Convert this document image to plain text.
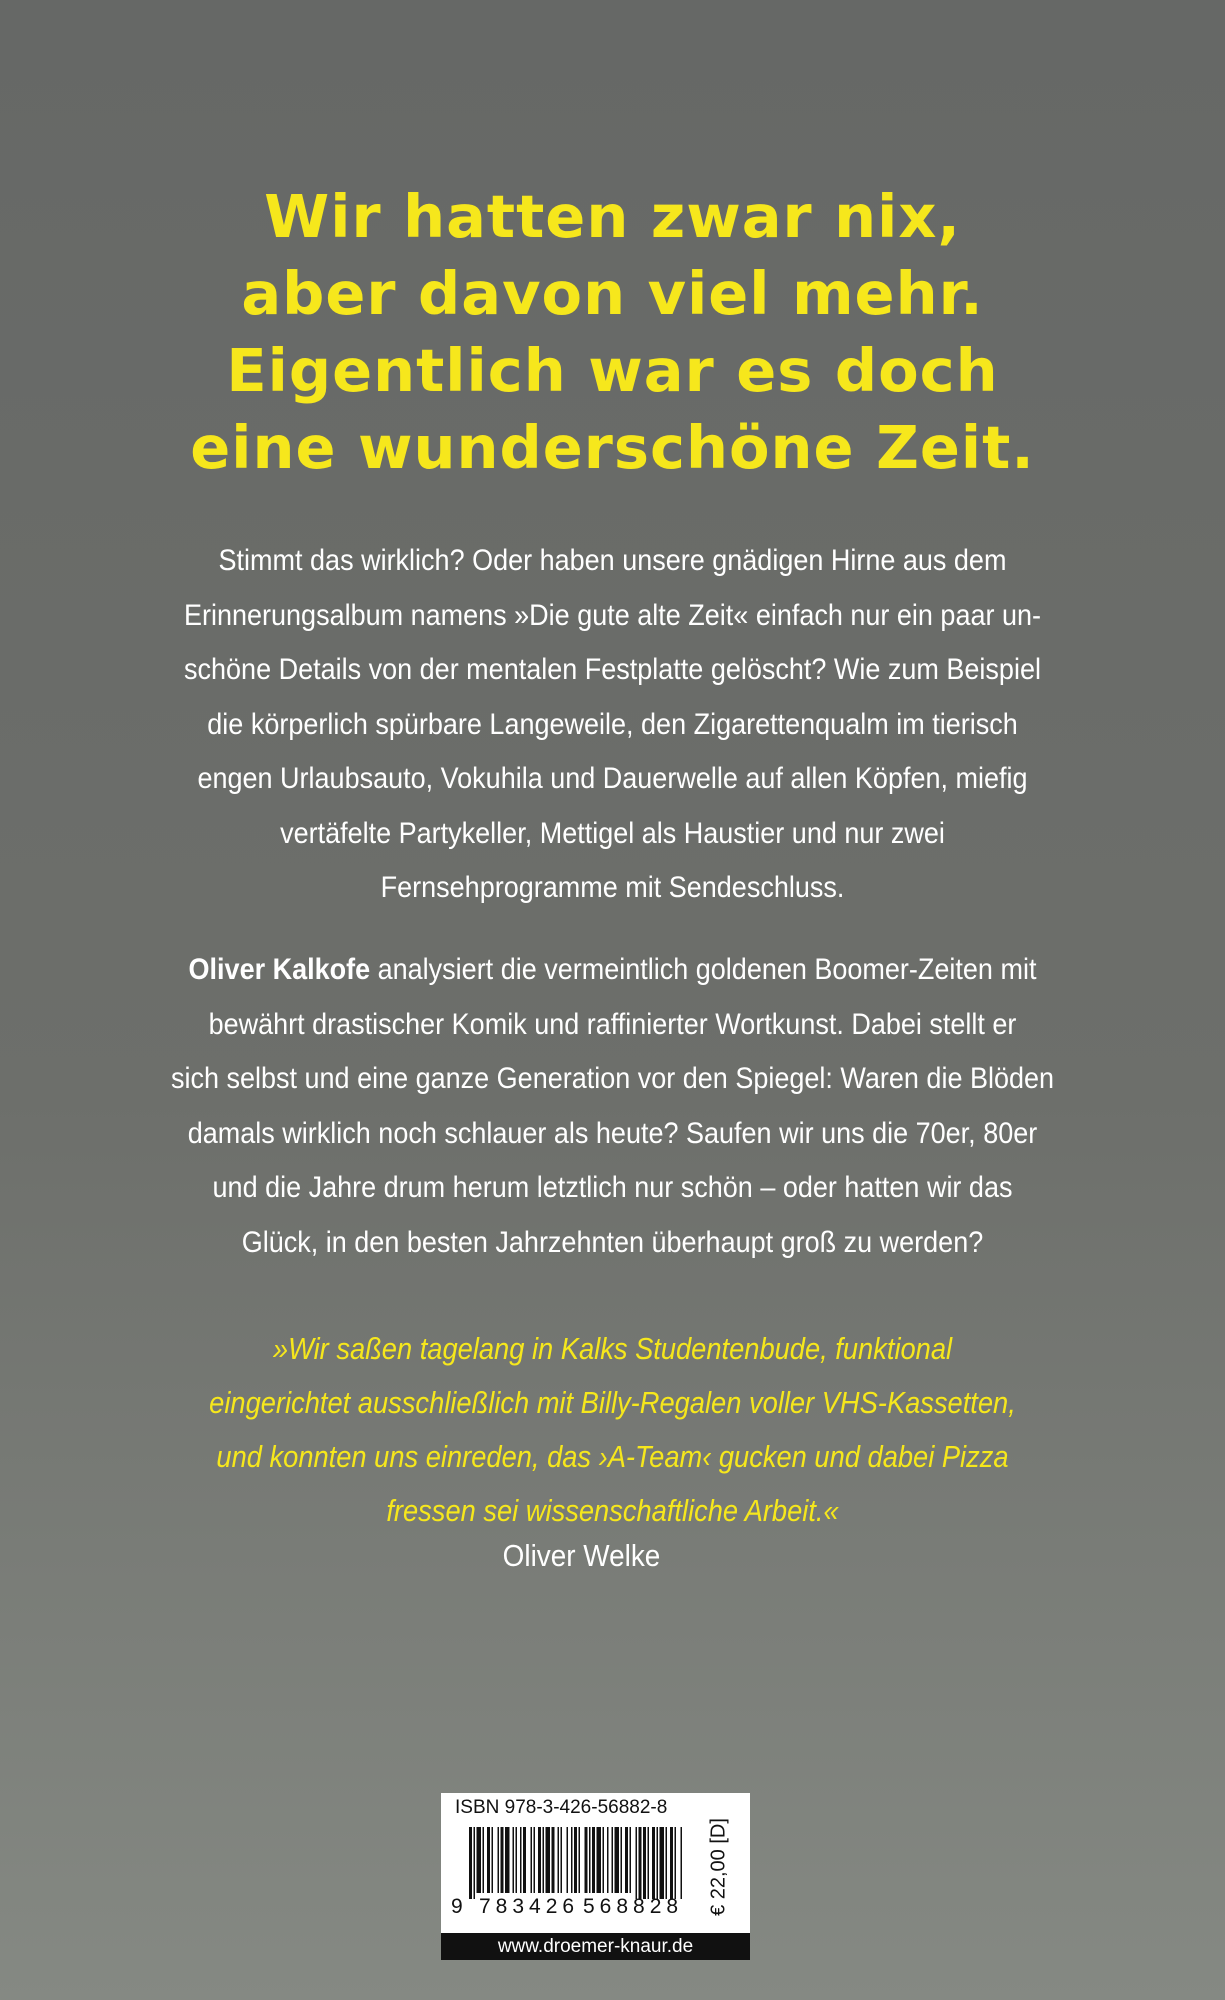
Wir hatten zwar nix,
aber davon viel mehr.
Eigentlich war es doch
eine wunderschöne Zeit.

Stimmt das wirklich? Oder haben unsere gnädigen Hirne aus dem
Erinnerungsalbum namens »Die gute alte Zeit« einfach nur ein paar un-
schöne Details von der mentalen Festplatte gelöscht? Wie zum Beispiel
die körperlich spürbare Langeweile, den Zigarettenqualm im tierisch
engen Urlaubsauto, Vokuhila und Dauerwelle auf allen Köpfen, miefig
vertäfelte Partykeller, Mettigel als Haustier und nur zwei
Fernsehprogramme mit Sendeschluss.

Oliver Kalkofe analysiert die vermeintlich goldenen Boomer-Zeiten mit
bewährt drastischer Komik und raffinierter Wortkunst. Dabei stellt er
sich selbst und eine ganze Generation vor den Spiegel: Waren die Blöden
damals wirklich noch schlauer als heute? Saufen wir uns die 70er, 80er
und die Jahre drum herum letztlich nur schön – oder hatten wir das
Glück, in den besten Jahrzehnten überhaupt groß zu werden?

»Wir saßen tagelang in Kalks Studentenbude, funktional
eingerichtet ausschließlich mit Billy-Regalen voller VHS-Kassetten,
und konnten uns einreden, das ›A-Team‹ gucken und dabei Pizza
fressen sei wissenschaftliche Arbeit.«

Oliver Welke
ISBN 978-3-426-56882-8
9 783426 568828 € 22,00 [D]
www.droemer-knaur.de
